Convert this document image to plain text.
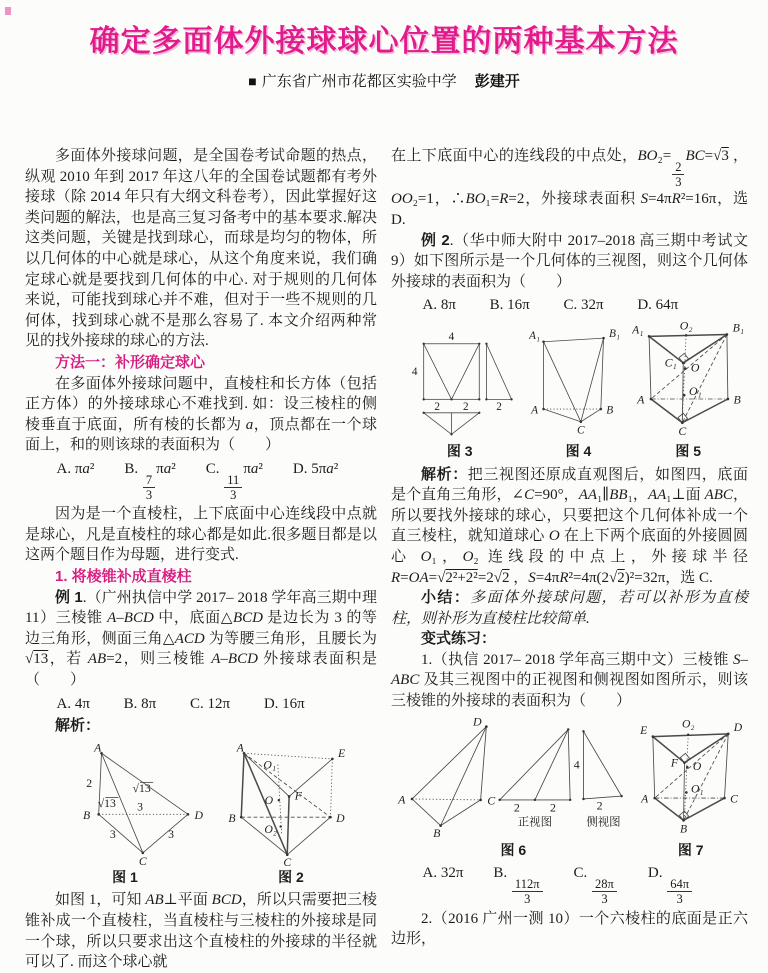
确定多面体外接球球心位置的两种基本方法
■ 广东省广州市花都区实验中学 彭建开

多面体外接球问题，是全国卷考试命题的热点，纵观 2010 年到 2017 年这八年的全国卷试题都有考外接球（除 2014 年只有大纲文科卷考），因此掌握好这类问题的解法，也是高三复习备考中的基本要求.解决这类问题，关键是找到球心，而球是均匀的物体，所以几何体的中心就是球心，从这个角度来说，我们确定球心就是要找到几何体的中心. 对于规则的几何体来说，可能找到球心并不难，但对于一些不规则的几何体，找到球心就不是那么容易了. 本文介绍两种常见的找外接球的球心的方法.

方法一：补形确定球心

在多面体外接球问题中，直棱柱和长方体（包括正方体）的外接球球心不难找到. 如：设三棱柱的侧棱垂直于底面，所有棱的长都为 a，顶点都在一个球面上，和的则该球的表面积为（　　）

A. πa²　　B.
$\frac{7}{3}$
πa²　　C.
$\frac{11}{3}$
πa²　　D. 5πa²

因为是一个直棱柱，上下底面中心连线段中点就是球心，凡是直棱柱的球心都是如此.很多题目都是以这两个题目作为母题，进行变式.

1. 将棱锥补成直棱柱

例 1.（广州执信中学 2017– 2018 学年高三期中理 11）三棱锥 A–BCD 中，底面△BCD 是边长为 3 的等边三角形，侧面三角△ACD 为等腰三角形，且腰长为√13，若 AB=2，则三棱锥 A–BCD 外接球表面积是（　　）

A. 4π　　 B. 8π　　 C. 12π　　 D. 16π

解析：

A
B	D
C
2	√13
√13 3
3	3
图 1
A	E
O₁
O F
B	D
O₂
C
图 2

如图 1，可知 AB⊥平面 BCD，所以只需要把三棱锥补成一个直棱柱，当直棱柱与三棱柱的外接球是同一个球，所以只要求出这个直棱柱的外接球的半径就可以了. 而这个球心就

在上下底面中心的连线段的中点处，BO₂=
$\frac{2}{3}$
BC=√3 ，OO₂=1，∴BO₁=R=2，外接球表面积 S=4πR²=16π，选 D.

例 2.（华中师大附中 2017–2018 高三期中考试文 9）如下图所示是一个几何体的三视图，则这个几何体外接球的表面积为（　　）

A. 8π　　 B. 16π　　 C. 32π　　 D. 64π

4
4
2 2 2
图 3
A₁	B₁
A	B
C
图 4
A₁	O₂	B₁
C₁ O
O₁
A	B
C
图 5

解析：把三视图还原成直观图后，如图四，底面是个直角三角形，∠C=90°，AA₁∥BB₁，AA₁⊥面 ABC，所以要找外接球的球心，只要把这个几何体补成一个直三棱柱，就知道球心 O 在上下两个底面的外接圆圆心 O₁，O₂ 连线段的中点上，外接球半径 R=OA=√2²+2²=2√2 ，S=4πR²=4π(2√2)²=32π，选 C.

小结：多面体外接球问题，若可以补形为直棱柱，则补形为直棱柱比较简单.

变式练习：

1.（执信 2017– 2018 学年高三期中文）三棱锥 S–ABC 及其三视图中的正视图和侧视图如图所示，则该三棱锥的外接球的表面积为（　　）

D
A	C
B
2 2
4
2
正视图	侧视图
图 6
E
O₂	D
F O
O₁
A	C
B
图 7

A. 32π　　B.
$\frac{112\pi}{3}$
　　C.
$\frac{28\pi}{3}$
　　D.
$\frac{64\pi}{3}$

2.（2016 广州一测 10）一个六棱柱的底面是正六边形，
